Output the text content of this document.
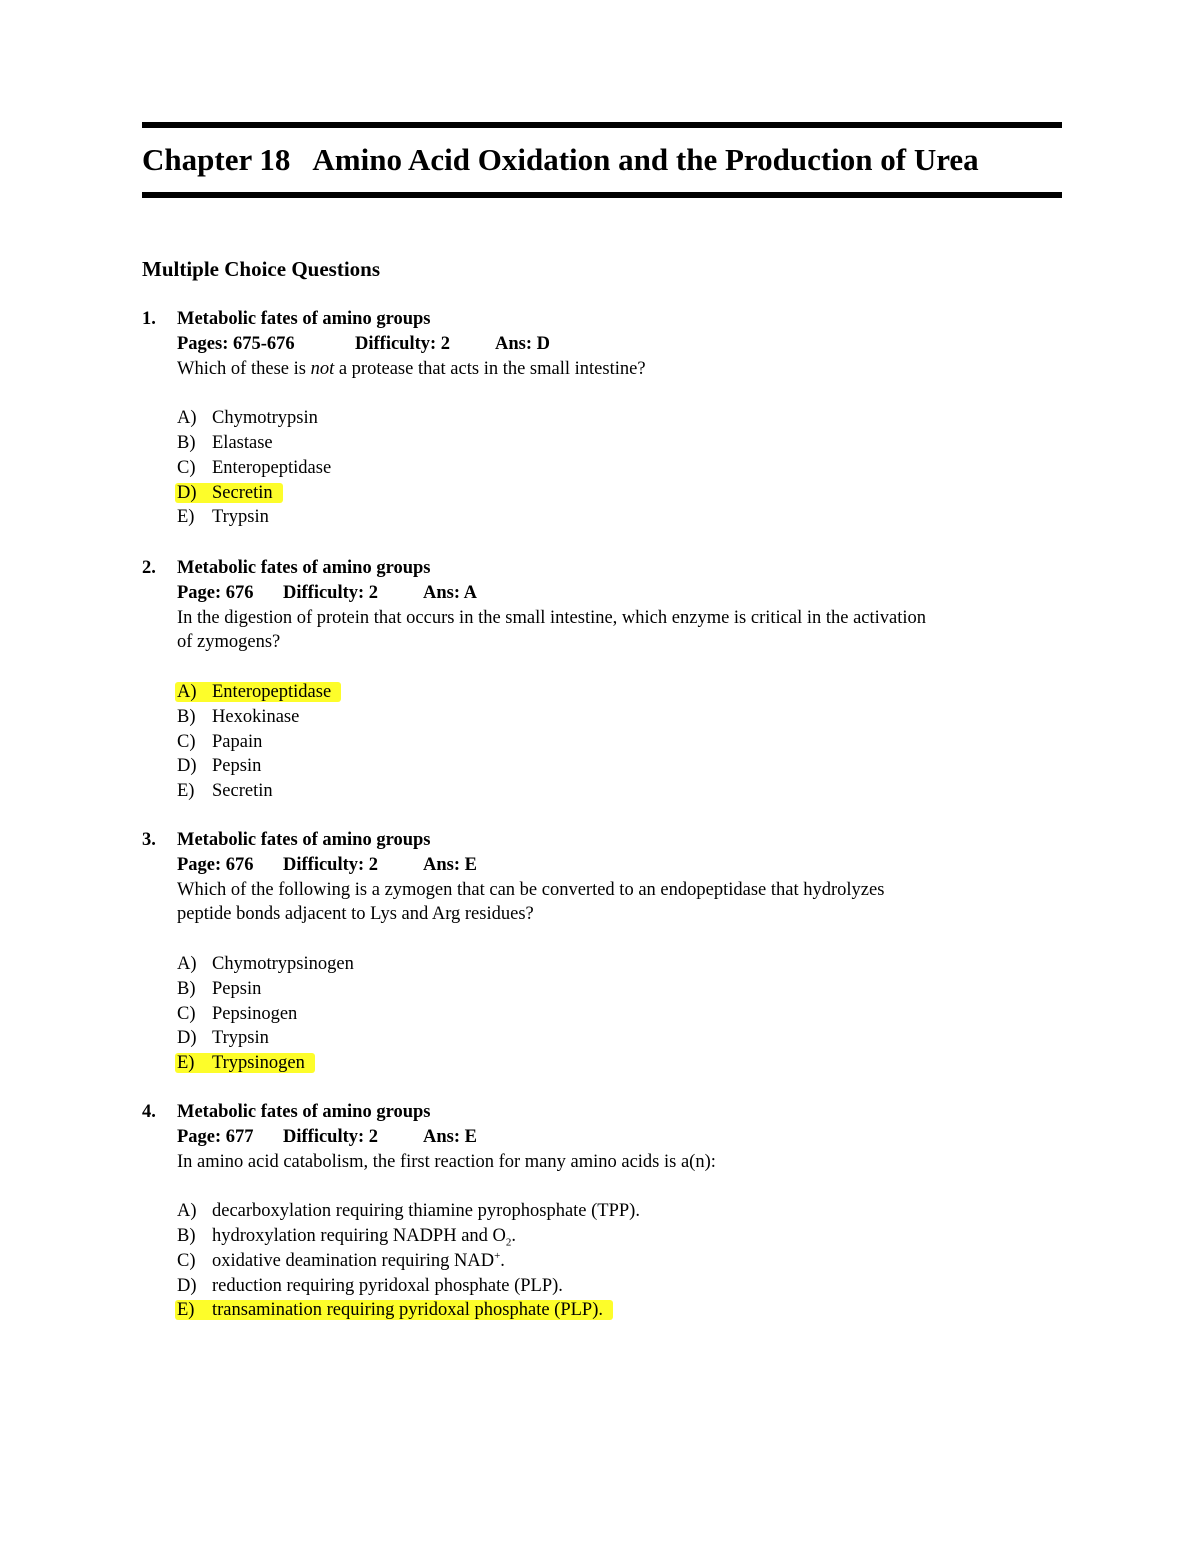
Chapter 18 Amino Acid Oxidation and the Production of Urea
Multiple Choice Questions
1. Metabolic fates of amino groups
Pages: 675-676	Difficulty: 2 Ans: D
Which of these is not a protease that acts in the small intestine?
A) Chymotrypsin
B) Elastase
C) Enteropeptidase
D) Secretin
E) Trypsin
2. Metabolic fates of amino groups
Page: 676 Difficulty: 2 Ans: A
In the digestion of protein that occurs in the small intestine, which enzyme is critical in the activation
of zymogens?
A) Enteropeptidase
B) Hexokinase
C) Papain
D) Pepsin
E) Secretin
3. Metabolic fates of amino groups
Page: 676 Difficulty: 2 Ans: E
Which of the following is a zymogen that can be converted to an endopeptidase that hydrolyzes
peptide bonds adjacent to Lys and Arg residues?
A) Chymotrypsinogen
B) Pepsin
C) Pepsinogen
D) Trypsin
E) Trypsinogen
4. Metabolic fates of amino groups
Page: 677 Difficulty: 2 Ans: E
In amino acid catabolism, the first reaction for many amino acids is a(n):
A) decarboxylation requiring thiamine pyrophosphate (TPP).
B) hydroxylation requiring NADPH and $O_2$.
C) oxidative deamination requiring NAD+.
D) reduction requiring pyridoxal phosphate (PLP).
E) transamination requiring pyridoxal phosphate (PLP).
